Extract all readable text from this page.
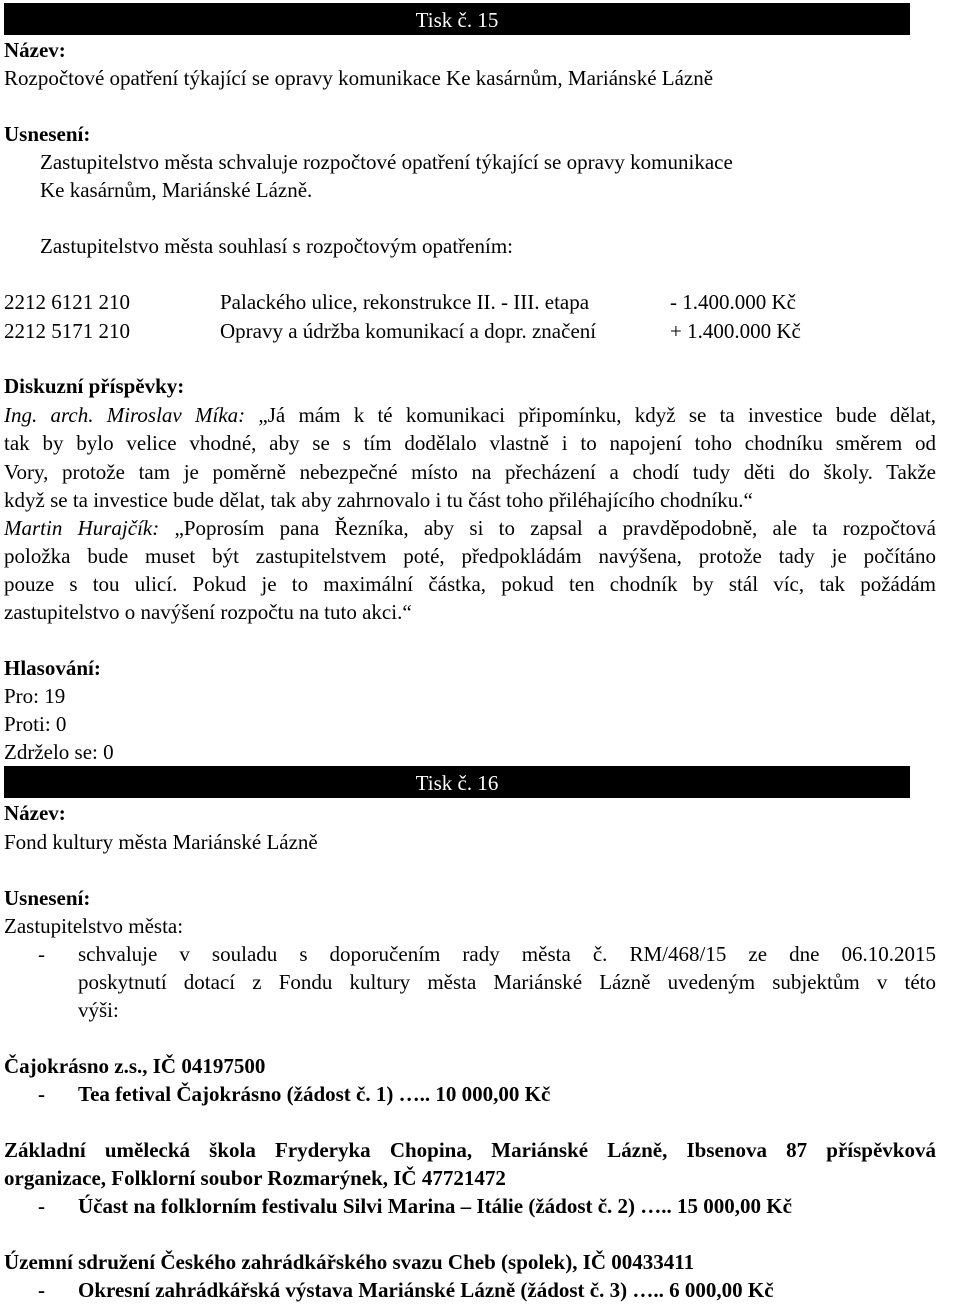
Tisk č. 15
Název:
Rozpočtové opatření týkající se opravy komunikace Ke kasárnům, Mariánské Lázně
Usnesení:
Zastupitelstvo města schvaluje rozpočtové opatření týkající se opravy komunikace
Ke kasárnům, Mariánské Lázně.
Zastupitelstvo města souhlasí s rozpočtovým opatřením:
2212 6121 210	Palackého ulice, rekonstrukce II. - III. etapa	- 1.400.000 Kč
2212 5171 210	Opravy a údržba komunikací a dopr. značení	+ 1.400.000 Kč
Diskuzní příspěvky:
Ing. arch. Miroslav Míka: „Já mám k té komunikaci připomínku, když se ta investice bude dělat,
tak by bylo velice vhodné, aby se s tím dodělalo vlastně i to napojení toho chodníku směrem od
Vory, protože tam je poměrně nebezpečné místo na přecházení a chodí tudy děti do školy. Takže
když se ta investice bude dělat, tak aby zahrnovalo i tu část toho přiléhajícího chodníku.“
Martin Hurajčík: „Poprosím pana Řezníka, aby si to zapsal a pravděpodobně, ale ta rozpočtová
položka bude muset být zastupitelstvem poté, předpokládám navýšena, protože tady je počítáno
pouze s tou ulicí. Pokud je to maximální částka, pokud ten chodník by stál víc, tak požádám
zastupitelstvo o navýšení rozpočtu na tuto akci.“
Hlasování:
Pro: 19
Proti: 0
Zdrželo se: 0
Tisk č. 16
Název:
Fond kultury města Mariánské Lázně
Usnesení:
Zastupitelstvo města:
- schvaluje v souladu s doporučením rady města č. RM/468/15 ze dne 06.10.2015
poskytnutí dotací z Fondu kultury města Mariánské Lázně uvedeným subjektům v této
výši:
Čajokrásno z.s., IČ 04197500
- Tea fetival Čajokrásno (žádost č. 1) ….. 10 000,00 Kč
Základní umělecká škola Fryderyka Chopina, Mariánské Lázně, Ibsenova 87 příspěvková
organizace, Folklorní soubor Rozmarýnek, IČ 47721472
- Účast na folklorním festivalu Silvi Marina – Itálie (žádost č. 2) ….. 15 000,00 Kč
Územní sdružení Českého zahrádkářského svazu Cheb (spolek), IČ 00433411
- Okresní zahrádkářská výstava Mariánské Lázně (žádost č. 3) ….. 6 000,00 Kč
